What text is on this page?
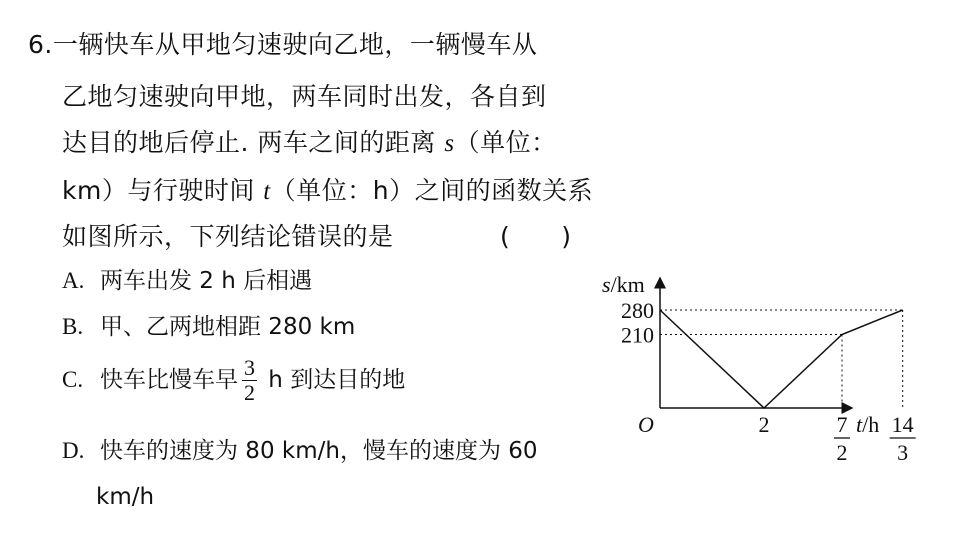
6.一辆快车从甲地匀速驶向乙地，一辆慢车从
乙地匀速驶向甲地，两车同时出发，各自到
达目的地后停止. 两车之间的距离 s（单位：
km）与行驶时间 t（单位：h）之间的函数关系
如图所示，下列结论错误的是	(　　)
A. 两车出发 2 h 后相遇
B. 甲、乙两地相距 280 km
C. 快车比慢车早 $\frac{3}{2}$ h 到达目的地
D. 快车的速度为 80 km/h，慢车的速度为 60
km/h
s/km
t/h
O
280
210
2	7
2
14
3
